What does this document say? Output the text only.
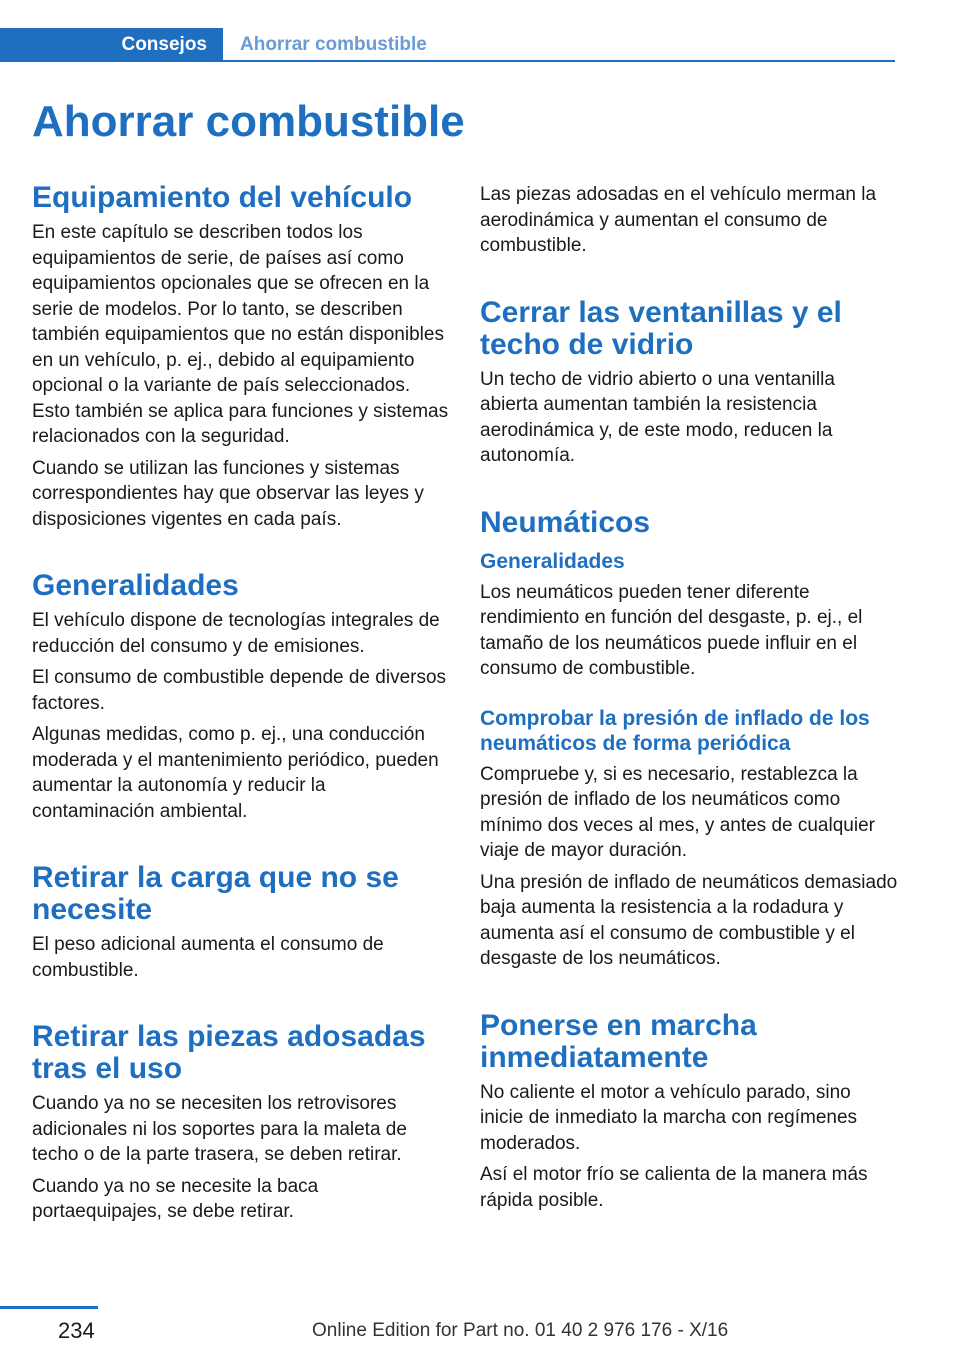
Consejos	Ahorrar combustible
Ahorrar combustible
Equipamiento del vehículo

En este capítulo se describen todos los equipamientos de serie, de países así como equipamientos opcionales que se ofrecen en la serie de modelos. Por lo tanto, se describen también equipamientos que no están disponibles en un vehículo, p. ej., debido al equipamiento opcional o la variante de país seleccionados. Esto también se aplica para funciones y sistemas relacionados con la seguridad.

Cuando se utilizan las funciones y sistemas correspondientes hay que observar las leyes y disposiciones vigentes en cada país.

Generalidades

El vehículo dispone de tecnologías integrales de reducción del consumo y de emisiones.

El consumo de combustible depende de diversos factores.

Algunas medidas, como p. ej., una conducción moderada y el mantenimiento periódico, pueden aumentar la autonomía y reducir la contaminación ambiental.

Retirar la carga que no se necesite

El peso adicional aumenta el consumo de combustible.

Retirar las piezas adosadas tras el uso

Cuando ya no se necesiten los retrovisores adicionales ni los soportes para la maleta de techo o de la parte trasera, se deben retirar.

Cuando ya no se necesite la baca portaequipajes, se debe retirar.

Las piezas adosadas en el vehículo merman la aerodinámica y aumentan el consumo de combustible.

Cerrar las ventanillas y el techo de vidrio

Un techo de vidrio abierto o una ventanilla abierta aumentan también la resistencia aerodinámica y, de este modo, reducen la autonomía.

Neumáticos
Generalidades

Los neumáticos pueden tener diferente rendimiento en función del desgaste, p. ej., el tamaño de los neumáticos puede influir en el consumo de combustible.

Comprobar la presión de inflado de los neumáticos de forma periódica

Compruebe y, si es necesario, restablezca la presión de inflado de los neumáticos como mínimo dos veces al mes, y antes de cualquier viaje de mayor duración.

Una presión de inflado de neumáticos demasiado baja aumenta la resistencia a la rodadura y aumenta así el consumo de combustible y el desgaste de los neumáticos.

Ponerse en marcha inmediatamente

No caliente el motor a vehículo parado, sino inicie de inmediato la marcha con regímenes moderados.

Así el motor frío se calienta de la manera más rápida posible.

234	Online Edition for Part no. 01 40 2 976 176 - X/16
